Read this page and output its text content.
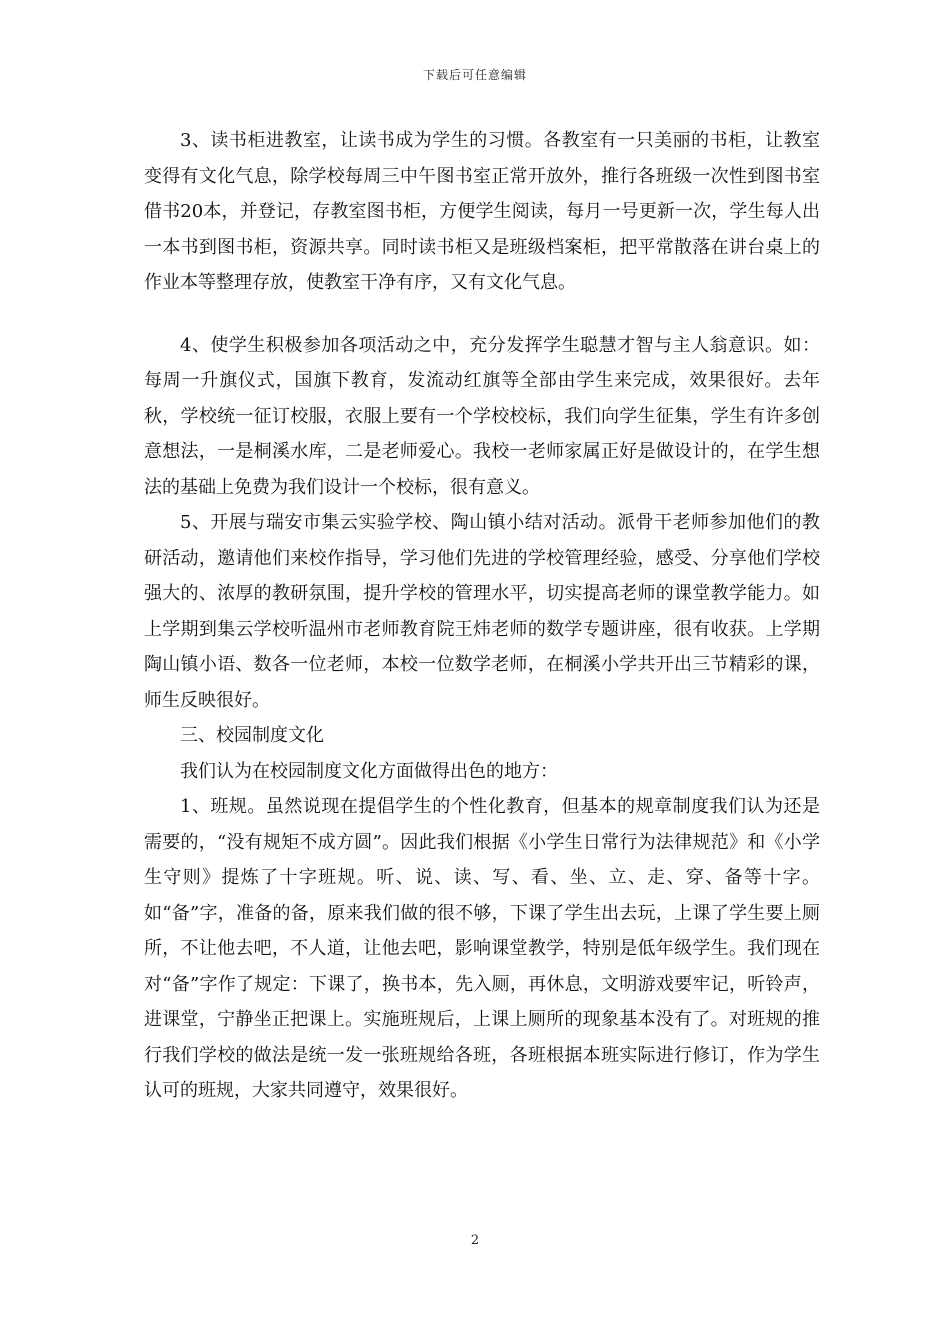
下载后可任意编辑

3、读书柜进教室，让读书成为学生的习惯。各教室有一只美丽的书柜，让教室变得有文化气息，除学校每周三中午图书室正常开放外，推行各班级一次性到图书室借书20本，并登记，存教室图书柜，方便学生阅读，每月一号更新一次，学生每人出一本书到图书柜，资源共享。同时读书柜又是班级档案柜，把平常散落在讲台桌上的作业本等整理存放，使教室干净有序，又有文化气息。

4、使学生积极参加各项活动之中，充分发挥学生聪慧才智与主人翁意识。如：每周一升旗仪式，国旗下教育，发流动红旗等全部由学生来完成，效果很好。去年秋，学校统一征订校服，衣服上要有一个学校校标，我们向学生征集，学生有许多创意想法，一是桐溪水库，二是老师爱心。我校一老师家属正好是做设计的，在学生想法的基础上免费为我们设计一个校标，很有意义。

5、开展与瑞安市集云实验学校、陶山镇小结对活动。派骨干老师参加他们的教研活动，邀请他们来校作指导，学习他们先进的学校管理经验，感受、分享他们学校强大的、浓厚的教研氛围，提升学校的管理水平，切实提高老师的课堂教学能力。如上学期到集云学校听温州市老师教育院王炜老师的数学专题讲座，很有收获。上学期陶山镇小语、数各一位老师，本校一位数学老师，在桐溪小学共开出三节精彩的课，师生反映很好。

三、校园制度文化

我们认为在校园制度文化方面做得出色的地方：

1、班规。虽然说现在提倡学生的个性化教育，但基本的规章制度我们认为还是需要的，“没有规矩不成方圆”。因此我们根据《小学生日常行为法律规范》和《小学生守则》提炼了十字班规。听、说、读、写、看、坐、立、走、穿、备等十字。如“备”字，准备的备，原来我们做的很不够，下课了学生出去玩，上课了学生要上厕所，不让他去吧，不人道，让他去吧，影响课堂教学，特别是低年级学生。我们现在对“备”字作了规定：下课了，换书本，先入厕，再休息，文明游戏要牢记，听铃声，进课堂，宁静坐正把课上。实施班规后，上课上厕所的现象基本没有了。对班规的推行我们学校的做法是统一发一张班规给各班，各班根据本班实际进行修订，作为学生认可的班规，大家共同遵守，效果很好。

2
